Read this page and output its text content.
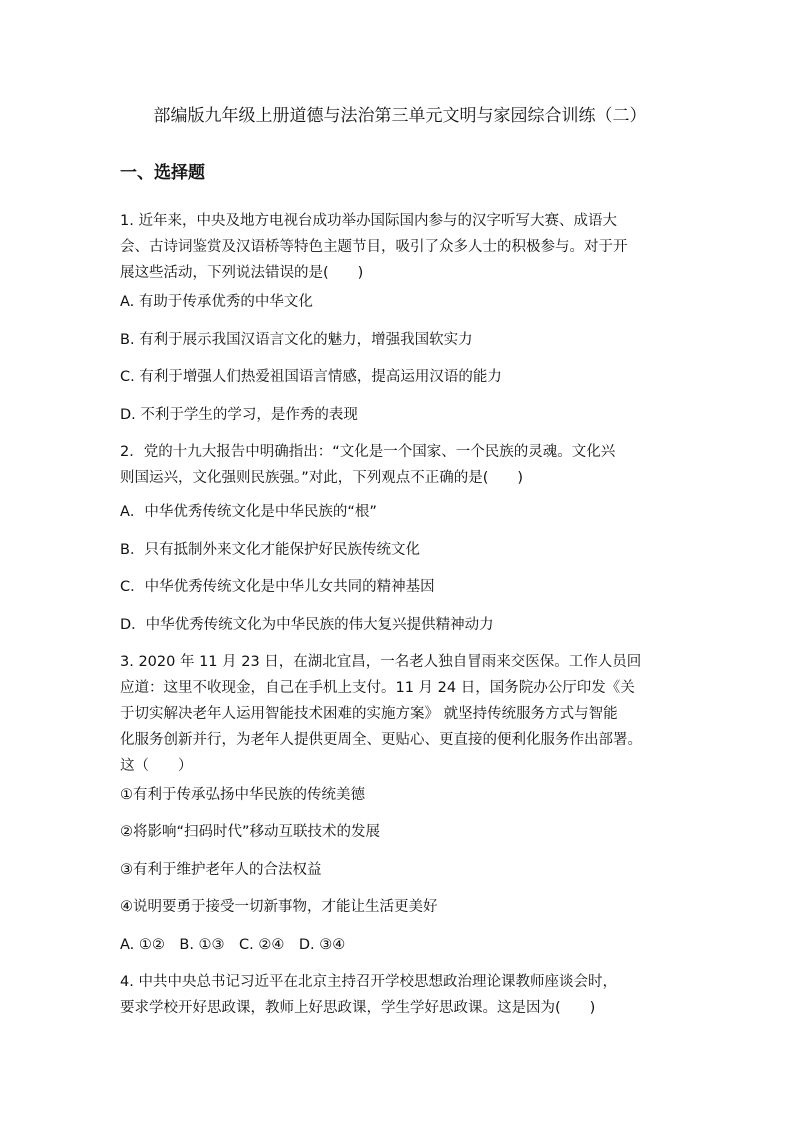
部编版九年级上册道德与法治第三单元文明与家园综合训练（二）
一、选择题
1. 近年来，中央及地方电视台成功举办国际国内参与的汉字听写大赛、成语大
会、古诗词鉴赏及汉语桥等特色主题节目，吸引了众多人士的积极参与。对于开
展这些活动，下列说法错误的是(　　)
A. 有助于传承优秀的中华文化
B. 有利于展示我国汉语言文化的魅力，增强我国软实力
C. 有利于增强人们热爱祖国语言情感，提高运用汉语的能力
D. 不利于学生的学习，是作秀的表现
2．党的十九大报告中明确指出：“文化是一个国家、一个民族的灵魂。文化兴
则国运兴，文化强则民族强。”对此，下列观点不正确的是(　　)
A．中华优秀传统文化是中华民族的“根”
B．只有抵制外来文化才能保护好民族传统文化
C．中华优秀传统文化是中华儿女共同的精神基因
D．中华优秀传统文化为中华民族的伟大复兴提供精神动力
3. 2020 年 11 月 23 日，在湖北宜昌，一名老人独自冒雨来交医保。工作人员回
应道：这里不收现金，自己在手机上支付。11 月 24 日，国务院办公厅印发《关
于切实解决老年人运用智能技术困难的实施方案》 就坚持传统服务方式与智能
化服务创新并行，为老年人提供更周全、更贴心、更直接的便利化服务作出部署。
这（　　）
①有利于传承弘扬中华民族的传统美德
②将影响“扫码时代”移动互联技术的发展
③有利于维护老年人的合法权益
④说明要勇于接受一切新事物，才能让生活更美好
A. ①②　B. ①③　C. ②④　D. ③④
4. 中共中央总书记习近平在北京主持召开学校思想政治理论课教师座谈会时，
要求学校开好思政课，教师上好思政课，学生学好思政课。这是因为(　　)
